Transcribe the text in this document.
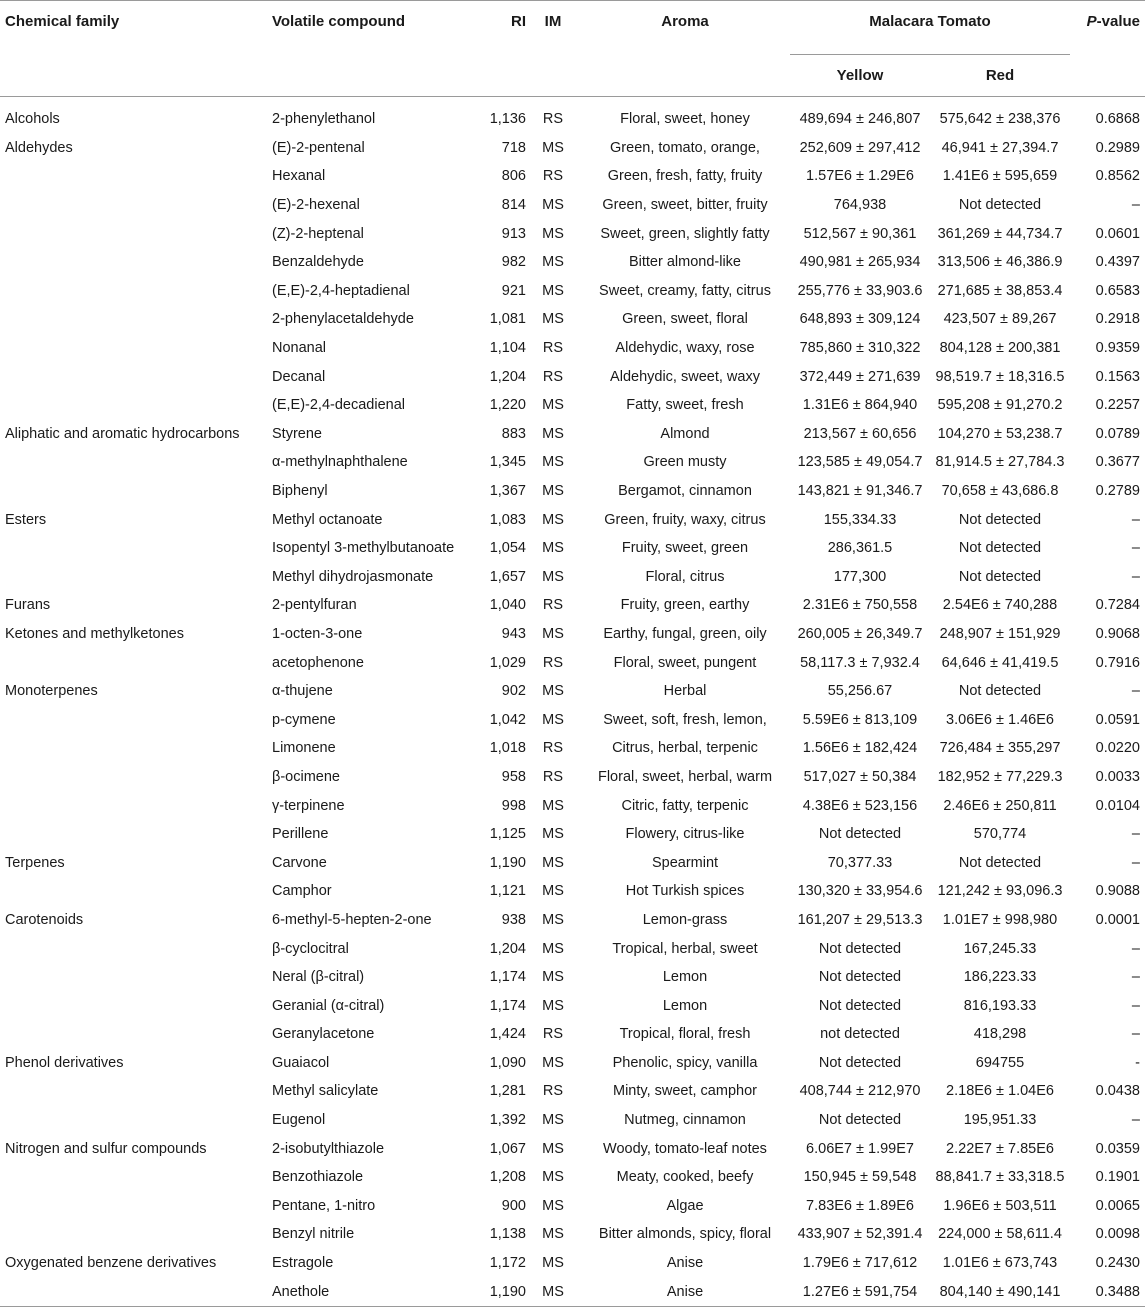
Chemical family	Volatile compound	RI	IM	Aroma	Malacara Tomato		P-value
					Yellow	Red	

Alcohols	2-phenylethanol	1,136	RS	Floral, sweet, honey	489,694 ± 246,807	575,642 ± 238,376	0.6868
Aldehydes	(E)-2-pentenal	718	MS	Green, tomato, orange,	252,609 ± 297,412	46,941 ± 27,394.7	0.2989
	Hexanal	806	RS	Green, fresh, fatty, fruity	1.57E6 ± 1.29E6	1.41E6 ± 595,659	0.8562
	(E)-2-hexenal	814	MS	Green, sweet, bitter, fruity	764,938	Not detected	–
	(Z)-2-heptenal	913	MS	Sweet, green, slightly fatty	512,567 ± 90,361	361,269 ± 44,734.7	0.0601
	Benzaldehyde	982	MS	Bitter almond-like	490,981 ± 265,934	313,506 ± 46,386.9	0.4397
	(E,E)-2,4-heptadienal	921	MS	Sweet, creamy, fatty, citrus	255,776 ± 33,903.6	271,685 ± 38,853.4	0.6583
	2-phenylacetaldehyde	1,081	MS	Green, sweet, floral	648,893 ± 309,124	423,507 ± 89,267	0.2918
	Nonanal	1,104	RS	Aldehydic, waxy, rose	785,860 ± 310,322	804,128 ± 200,381	0.9359
	Decanal	1,204	RS	Aldehydic, sweet, waxy	372,449 ± 271,639	98,519.7 ± 18,316.5	0.1563
	(E,E)-2,4-decadienal	1,220	MS	Fatty, sweet, fresh	1.31E6 ± 864,940	595,208 ± 91,270.2	0.2257
Aliphatic and aromatic hydrocarbons	Styrene	883	MS	Almond	213,567 ± 60,656	104,270 ± 53,238.7	0.0789
	α-methylnaphthalene	1,345	MS	Green musty	123,585 ± 49,054.7	81,914.5 ± 27,784.3	0.3677
	Biphenyl	1,367	MS	Bergamot, cinnamon	143,821 ± 91,346.7	70,658 ± 43,686.8	0.2789
Esters	Methyl octanoate	1,083	MS	Green, fruity, waxy, citrus	155,334.33	Not detected	–
	Isopentyl 3-methylbutanoate	1,054	MS	Fruity, sweet, green	286,361.5	Not detected	–
	Methyl dihydrojasmonate	1,657	MS	Floral, citrus	177,300	Not detected	–
Furans	2-pentylfuran	1,040	RS	Fruity, green, earthy	2.31E6 ± 750,558	2.54E6 ± 740,288	0.7284
Ketones and methylketones	1-octen-3-one	943	MS	Earthy, fungal, green, oily	260,005 ± 26,349.7	248,907 ± 151,929	0.9068
	acetophenone	1,029	RS	Floral, sweet, pungent	58,117.3 ± 7,932.4	64,646 ± 41,419.5	0.7916
Monoterpenes	α-thujene	902	MS	Herbal	55,256.67	Not detected	–
	p-cymene	1,042	MS	Sweet, soft, fresh, lemon,	5.59E6 ± 813,109	3.06E6 ± 1.46E6	0.0591
	Limonene	1,018	RS	Citrus, herbal, terpenic	1.56E6 ± 182,424	726,484 ± 355,297	0.0220
	β-ocimene	958	RS	Floral, sweet, herbal, warm	517,027 ± 50,384	182,952 ± 77,229.3	0.0033
	γ-terpinene	998	MS	Citric, fatty, terpenic	4.38E6 ± 523,156	2.46E6 ± 250,811	0.0104
	Perillene	1,125	MS	Flowery, citrus-like	Not detected	570,774	–
Terpenes	Carvone	1,190	MS	Spearmint	70,377.33	Not detected	–
	Camphor	1,121	MS	Hot Turkish spices	130,320 ± 33,954.6	121,242 ± 93,096.3	0.9088
Carotenoids	6-methyl-5-hepten-2-one	938	MS	Lemon-grass	161,207 ± 29,513.3	1.01E7 ± 998,980	0.0001
	β-cyclocitral	1,204	MS	Tropical, herbal, sweet	Not detected	167,245.33	–
	Neral (β-citral)	1,174	MS	Lemon	Not detected	186,223.33	–
	Geranial (α-citral)	1,174	MS	Lemon	Not detected	816,193.33	–
	Geranylacetone	1,424	RS	Tropical, floral, fresh	not detected	418,298	–
Phenol derivatives	Guaiacol	1,090	MS	Phenolic, spicy, vanilla	Not detected	694755	-
	Methyl salicylate	1,281	RS	Minty, sweet, camphor	408,744 ± 212,970	2.18E6 ± 1.04E6	0.0438
	Eugenol	1,392	MS	Nutmeg, cinnamon	Not detected	195,951.33	–
Nitrogen and sulfur compounds	2-isobutylthiazole	1,067	MS	Woody, tomato-leaf notes	6.06E7 ± 1.99E7	2.22E7 ± 7.85E6	0.0359
	Benzothiazole	1,208	MS	Meaty, cooked, beefy	150,945 ± 59,548	88,841.7 ± 33,318.5	0.1901
	Pentane, 1-nitro	900	MS	Algae	7.83E6 ± 1.89E6	1.96E6 ± 503,511	0.0065
	Benzyl nitrile	1,138	MS	Bitter almonds, spicy, floral	433,907 ± 52,391.4	224,000 ± 58,611.4	0.0098
Oxygenated benzene derivatives	Estragole	1,172	MS	Anise	1.79E6 ± 717,612	1.01E6 ± 673,743	0.2430
	Anethole	1,190	MS	Anise	1.27E6 ± 591,754	804,140 ± 490,141	0.3488
